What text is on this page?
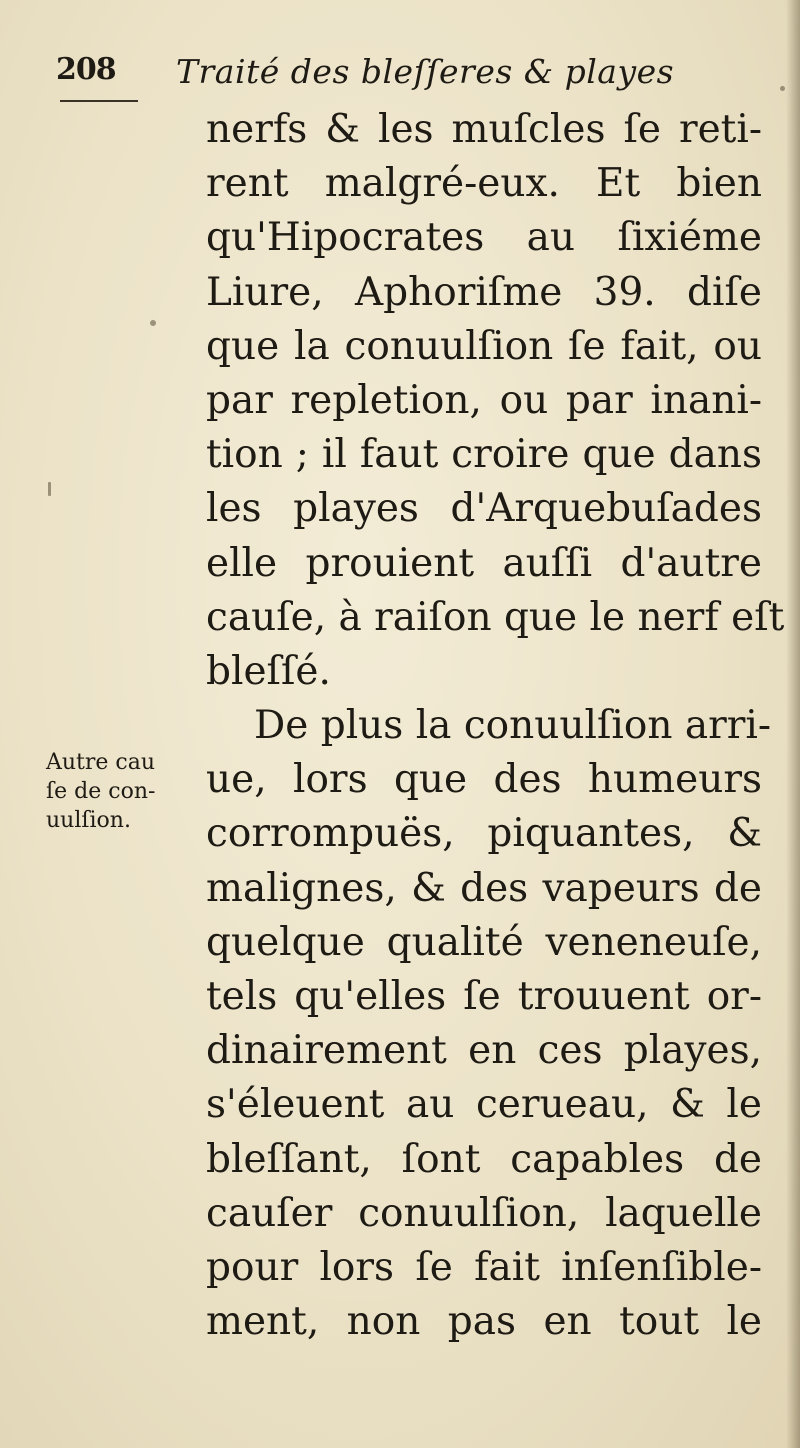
208 Traité des bleſſeres & playes
nerfs & les muſcles ſe reti-
rent malgré-eux. Et bien
qu'Hipocrates au ſixiéme
Liure, Aphoriſme 39. diſe
que la conuulſion ſe fait, ou
par repletion, ou par inani-
tion ; il faut croire que dans
les playes d'Arquebuſades
elle prouient auſſi d'autre
cauſe, à raiſon que le nerf eſt
bleſſé.
De plus la conuulſion arri-
ue, lors que des humeurs
corrompuës, piquantes, &
malignes, & des vapeurs de
quelque qualité veneneuſe,
tels qu'elles ſe trouuent or-
dinairement en ces playes,
s'éleuent au cerueau, & le
bleſſant, ſont capables de
cauſer conuulſion, laquelle
pour lors ſe fait inſenſible-
ment, non pas en tout le
Autre cau
ſe de con-
uulſion.
